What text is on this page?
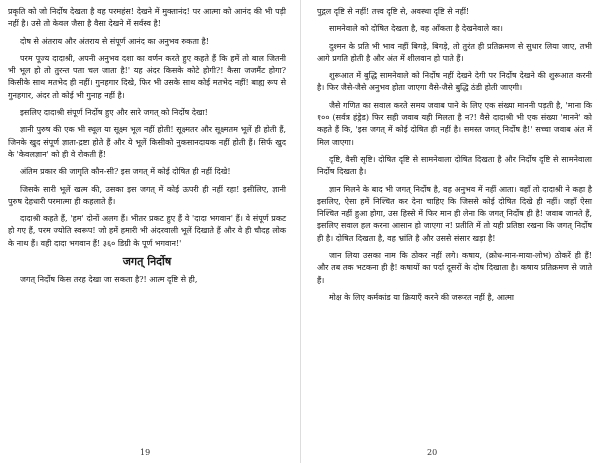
प्रकृति को जो निर्दोष देखता है वह परमहंस! देखने में मुक्तानंद! पर आत्मा को आनंद की भी पड़ी नहीं है। उसे तो केवल जैसा है वैसा देखने में सर्वस्व है!

दोष से अंतराय और अंतराय से संपूर्ण आनंद का अनुभव रुकता है!

परम पूज्य दादाश्री, अपनी अनुभव दशा का वर्णन करते हुए कहते हैं कि हमें तो बाल जितनी भी भूल हो तो तुरन्त पता चल जाता है!' यह अंदर किसके कोटे होगी?! कैसा जजमैंट होगा? किसीके साथ मतभेद ही नहीं। गुनहगार दिखे, फिर भी उसके साथ कोई मतभेद नहीं! बाह्य रूप से गुनहगार, अंदर तो कोई भी गुनाह नहीं है।

इसलिए दादाश्री संपूर्ण निर्दोष हुए और सारे जगत् को निर्दोष देखा!

ज्ञानी पुरुष की एक भी स्थूल या सूक्ष्म भूल नहीं होती! सूक्ष्मतर और सूक्ष्मतम भूलें ही होती हैं, जिनके खुद संपूर्ण ज्ञाता-द्रष्टा होते हैं और ये भूलें किसीको नुकसानदायक नहीं होती हैं। सिर्फ खुद के 'केवलज्ञान' को ही वे रोकती हैं!

अंतिम प्रकार की जागृति कौन-सी? इस जगत् में कोई दोषित ही नहीं दिखे!

जिसके सारी भूलें खत्म की, उसका इस जगत् में कोई ऊपरी ही नहीं रहा! इसीलिए, ज्ञानी पुरुष देहधारी परमात्मा ही कहलाते हैं।

दादाश्री कहते हैं, 'हम' दोनों अलग हैं। भीतर प्रकट हुए हैं वे 'दादा भगवान' हैं। वे संपूर्ण प्रकट हो गए हैं, परम ज्योति स्वरूप! जो हमें हमारी भी अंदरवाली भूलें दिखाते हैं और वे ही चौदह लोक के नाथ हैं। वही दादा भगवान हैं! ३६० डिग्री के पूर्ण भगवान!'

जगत् निर्दोष

जगत् निर्दोष किस तरह देखा जा सकता है?! आत्म दृष्टि से ही,

19

पुद्गल दृष्टि से नहीं! तत्त्व दृष्टि से, अवस्था दृष्टि से नहीं!

सामनेवाले को दोषित देखता है, वह आँकता है देखनेवाले का।

दुश्मन के प्रति भी भाव नहीं बिगड़े, बिगड़े, तो तुरंत ही प्रतिक्रमण से सुधार लिया जाए, तभी आगे प्रगति होती है और अंत में शीलवान हो पाते हैं।

शुरूआत में बुद्धि सामनेवाले को निर्दोष नहीं देखने देगी पर निर्दोष देखने की शुरूआत करनी है। फिर जैसे-जैसे अनुभव होता जाएगा वैसे-जैसे बुद्धि ठंडी होती जाएगी।

जैसे गणित का सवाल करते समय जवाब पाने के लिए एक संख्या माननी पड़ती है, 'माना कि १०० (सर्वत्र हंड्रेड) फिर सही जवाब यही मिलता है न?! वैसे दादाश्री भी एक संख्या 'मानने' को कहते हैं कि, 'इस जगत् में कोई दोषित ही नहीं है। समस्त जगत् निर्दोष है!' सच्चा जवाब अंत में मिल जाएगा।

दृष्टि, वैसी सृष्टि। दोषित दृष्टि से सामनेवाला दोषित दिखता है और निर्दोष दृष्टि से सामनेवाला निर्दोष दिखता है।

ज्ञान मिलने के बाद भी जगत् निर्दोष है, वह अनुभव में नहीं आता। वहाँ तो दादाश्री ने कहा है इसलिए, ऐसा हमें निश्चित कर देना चाहिए कि जिससे कोई दोषित दिखे ही नहीं। जहाँ ऐसा निश्चित नहीं हुआ होगा, उस हिस्से में फिर मान ही लेना कि जगत् निर्दोष ही है! जवाब जानते हैं, इसलिए सवाल हल करना आसान हो जाएगा न! प्रतीति में तो यही प्रतिष्ठा रखना कि जगत् निर्दोष ही है। दोषित दिखता है, वह भ्रांति है और उससे संसार खड़ा है!

जान लिया उसका नाम कि ठोकर नहीं लगे। कषाय, (क्रोध-मान-माया-लोभ) ठोकरें ही हैं! और तब तक भटकना ही है! कषायों का पर्दा दूसरों के दोष दिखाता है। कषाय प्रतिक्रमण से जाते हैं।

मोक्ष के लिए कर्मकांड या क्रियाएँ करने की जरूरत नहीं है, आत्मा

20
